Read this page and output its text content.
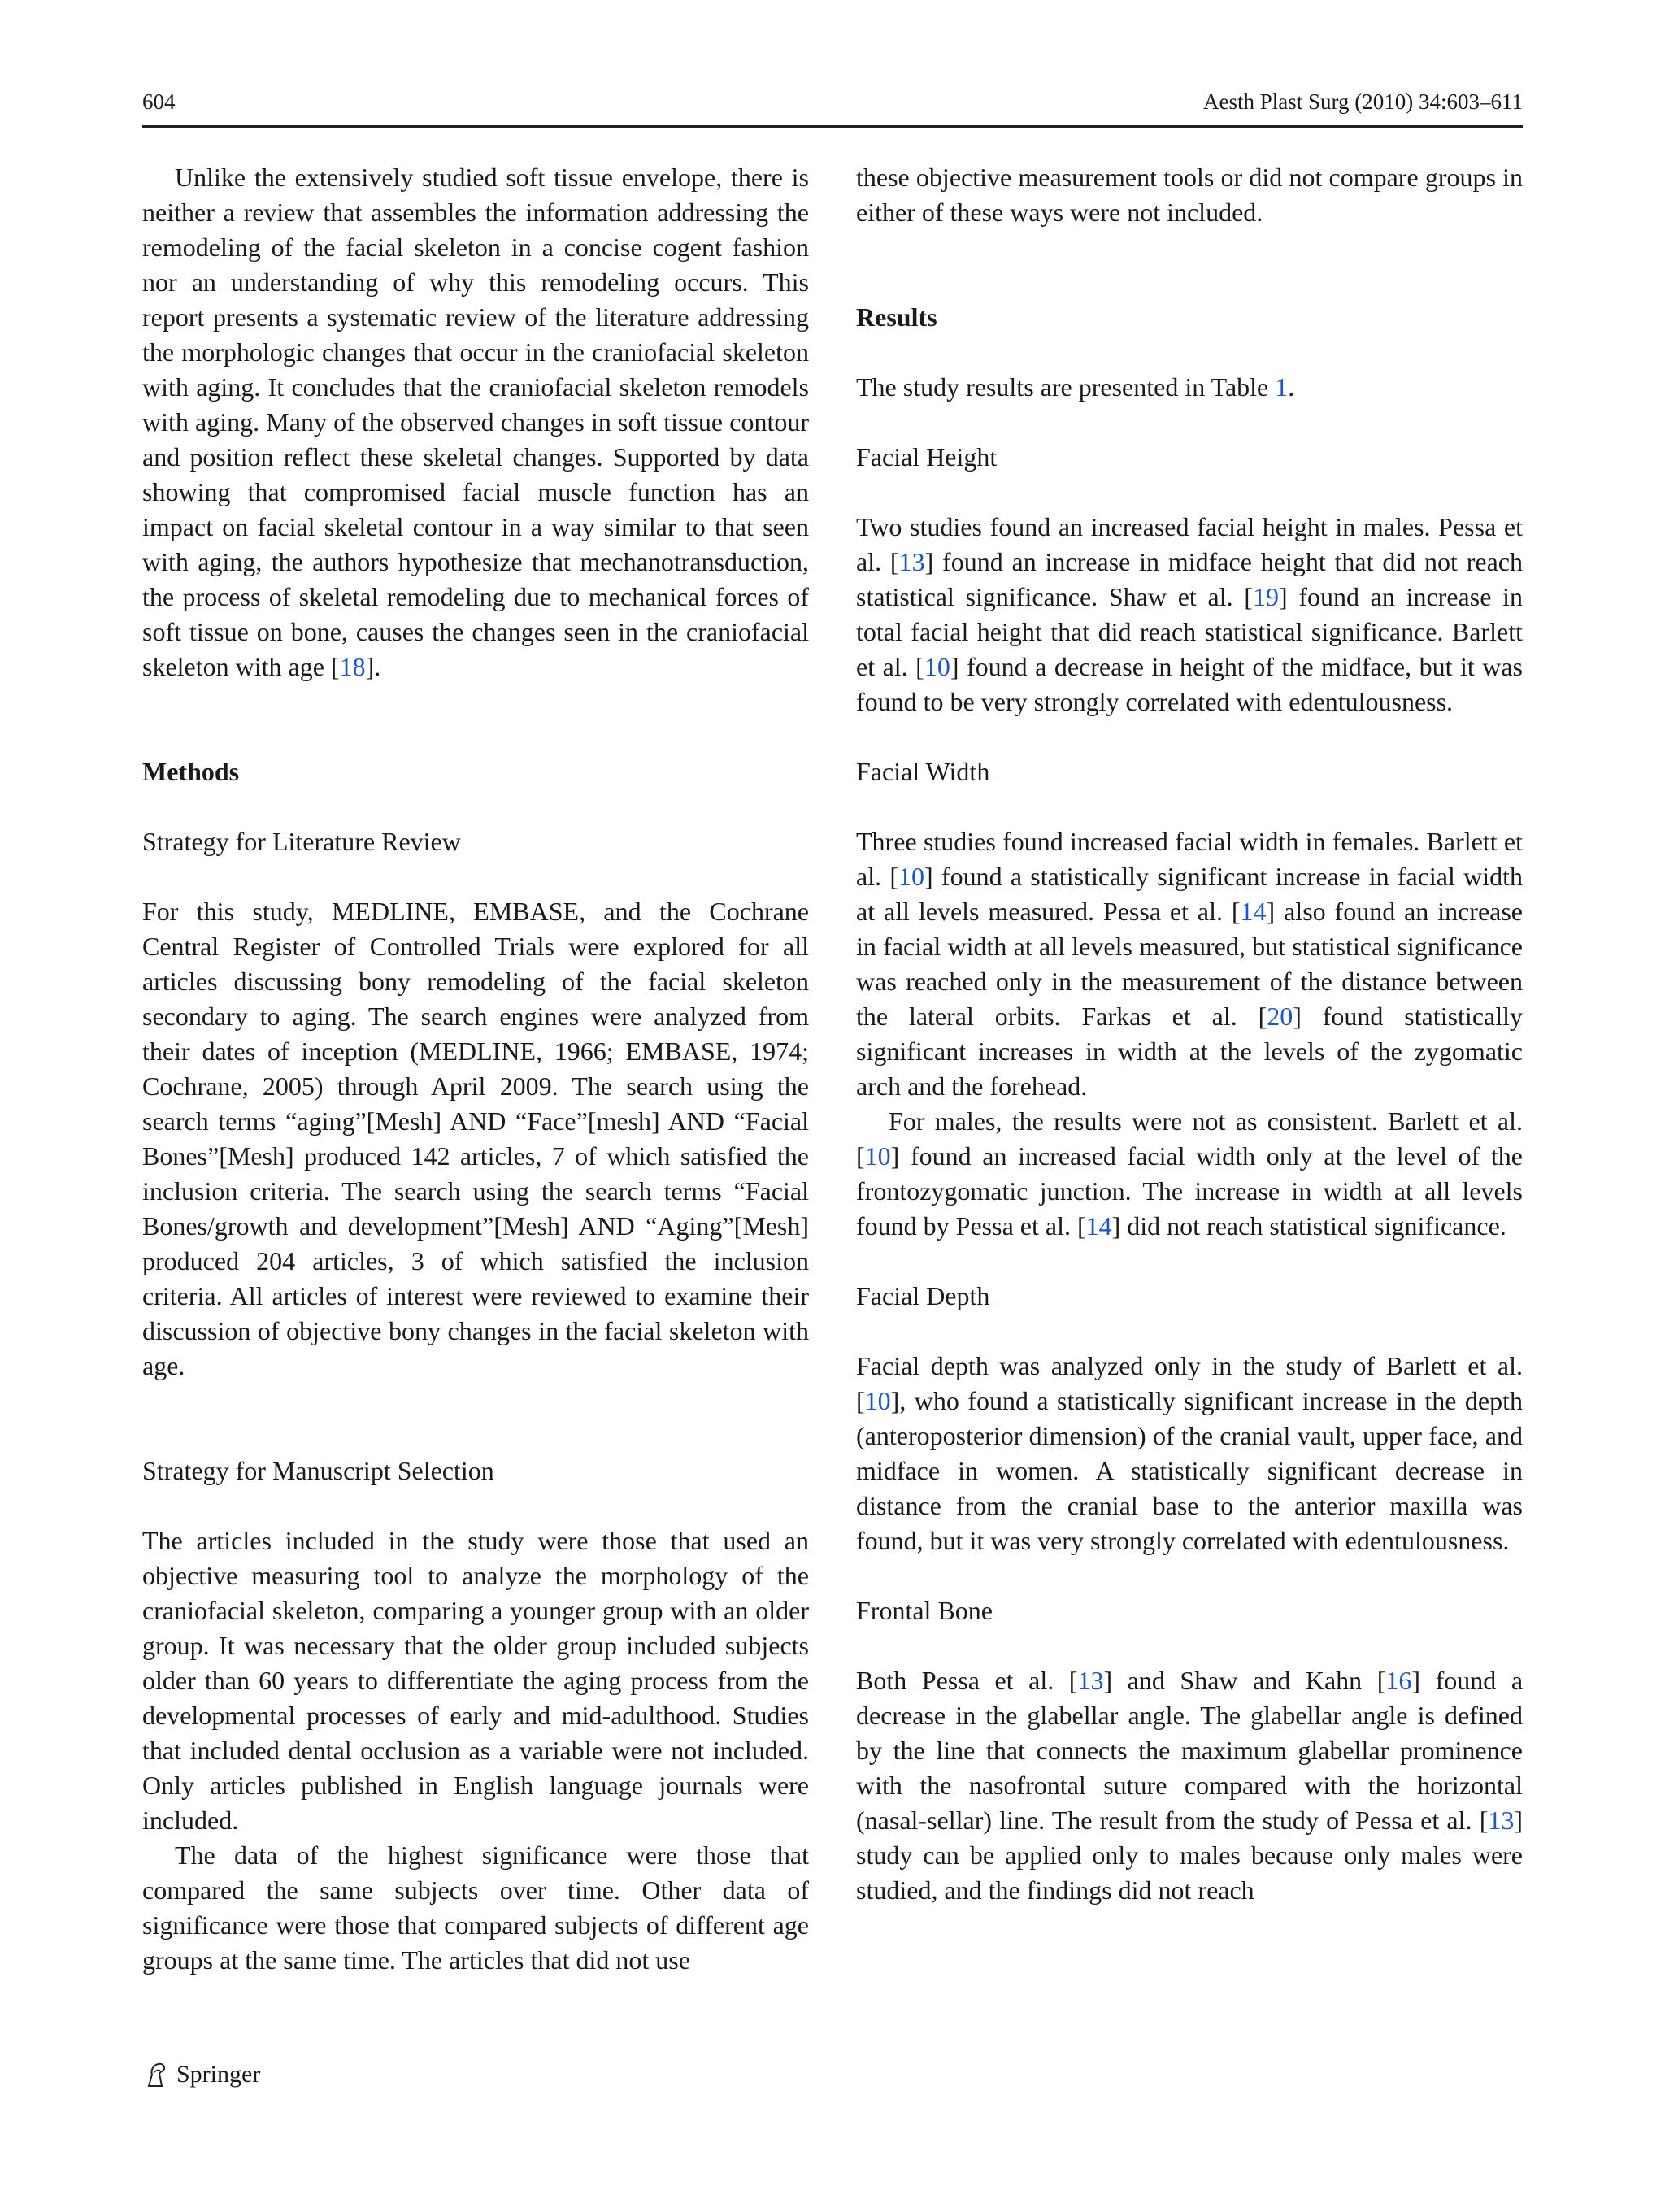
604	Aesth Plast Surg (2010) 34:603–611

Unlike the extensively studied soft tissue envelope, there is neither a review that assembles the information addressing the remodeling of the facial skeleton in a concise cogent fashion nor an understanding of why this remodeling occurs. This report presents a systematic review of the literature addressing the morphologic changes that occur in the craniofacial skeleton with aging. It concludes that the craniofacial skeleton remodels with aging. Many of the observed changes in soft tissue contour and position reflect these skeletal changes. Supported by data showing that compromised facial muscle function has an impact on facial skeletal contour in a way similar to that seen with aging, the authors hypothesize that mechanotransduction, the process of skeletal remodeling due to mechanical forces of soft tissue on bone, causes the changes seen in the craniofacial skeleton with age [18].

Methods

Strategy for Literature Review

For this study, MEDLINE, EMBASE, and the Cochrane Central Register of Controlled Trials were explored for all articles discussing bony remodeling of the facial skeleton secondary to aging. The search engines were analyzed from their dates of inception (MEDLINE, 1966; EMBASE, 1974; Cochrane, 2005) through April 2009. The search using the search terms “aging”[Mesh] AND “Face”[mesh] AND “Facial Bones”[Mesh] produced 142 articles, 7 of which satisfied the inclusion criteria. The search using the search terms “Facial Bones/growth and development”[Mesh] AND “Aging”[Mesh] produced 204 articles, 3 of which satisfied the inclusion criteria. All articles of interest were reviewed to examine their discussion of objective bony changes in the facial skeleton with age.

Strategy for Manuscript Selection

The articles included in the study were those that used an objective measuring tool to analyze the morphology of the craniofacial skeleton, comparing a younger group with an older group. It was necessary that the older group included subjects older than 60 years to differentiate the aging process from the developmental processes of early and mid-adulthood. Studies that included dental occlusion as a variable were not included. Only articles published in English language journals were included.

The data of the highest significance were those that compared the same subjects over time. Other data of significance were those that compared subjects of different age groups at the same time. The articles that did not use

these objective measurement tools or did not compare groups in either of these ways were not included.

Results

The study results are presented in Table 1.

Facial Height

Two studies found an increased facial height in males. Pessa et al. [13] found an increase in midface height that did not reach statistical significance. Shaw et al. [19] found an increase in total facial height that did reach statistical significance. Barlett et al. [10] found a decrease in height of the midface, but it was found to be very strongly correlated with edentulousness.

Facial Width

Three studies found increased facial width in females. Barlett et al. [10] found a statistically significant increase in facial width at all levels measured. Pessa et al. [14] also found an increase in facial width at all levels measured, but statistical significance was reached only in the measurement of the distance between the lateral orbits. Farkas et al. [20] found statistically significant increases in width at the levels of the zygomatic arch and the forehead.

For males, the results were not as consistent. Barlett et al. [10] found an increased facial width only at the level of the frontozygomatic junction. The increase in width at all levels found by Pessa et al. [14] did not reach statistical significance.

Facial Depth

Facial depth was analyzed only in the study of Barlett et al. [10], who found a statistically significant increase in the depth (anteroposterior dimension) of the cranial vault, upper face, and midface in women. A statistically significant decrease in distance from the cranial base to the anterior maxilla was found, but it was very strongly correlated with edentulousness.

Frontal Bone

Both Pessa et al. [13] and Shaw and Kahn [16] found a decrease in the glabellar angle. The glabellar angle is defined by the line that connects the maximum glabellar prominence with the nasofrontal suture compared with the horizontal (nasal-sellar) line. The result from the study of Pessa et al. [13] study can be applied only to males because only males were studied, and the findings did not reach

Springer
